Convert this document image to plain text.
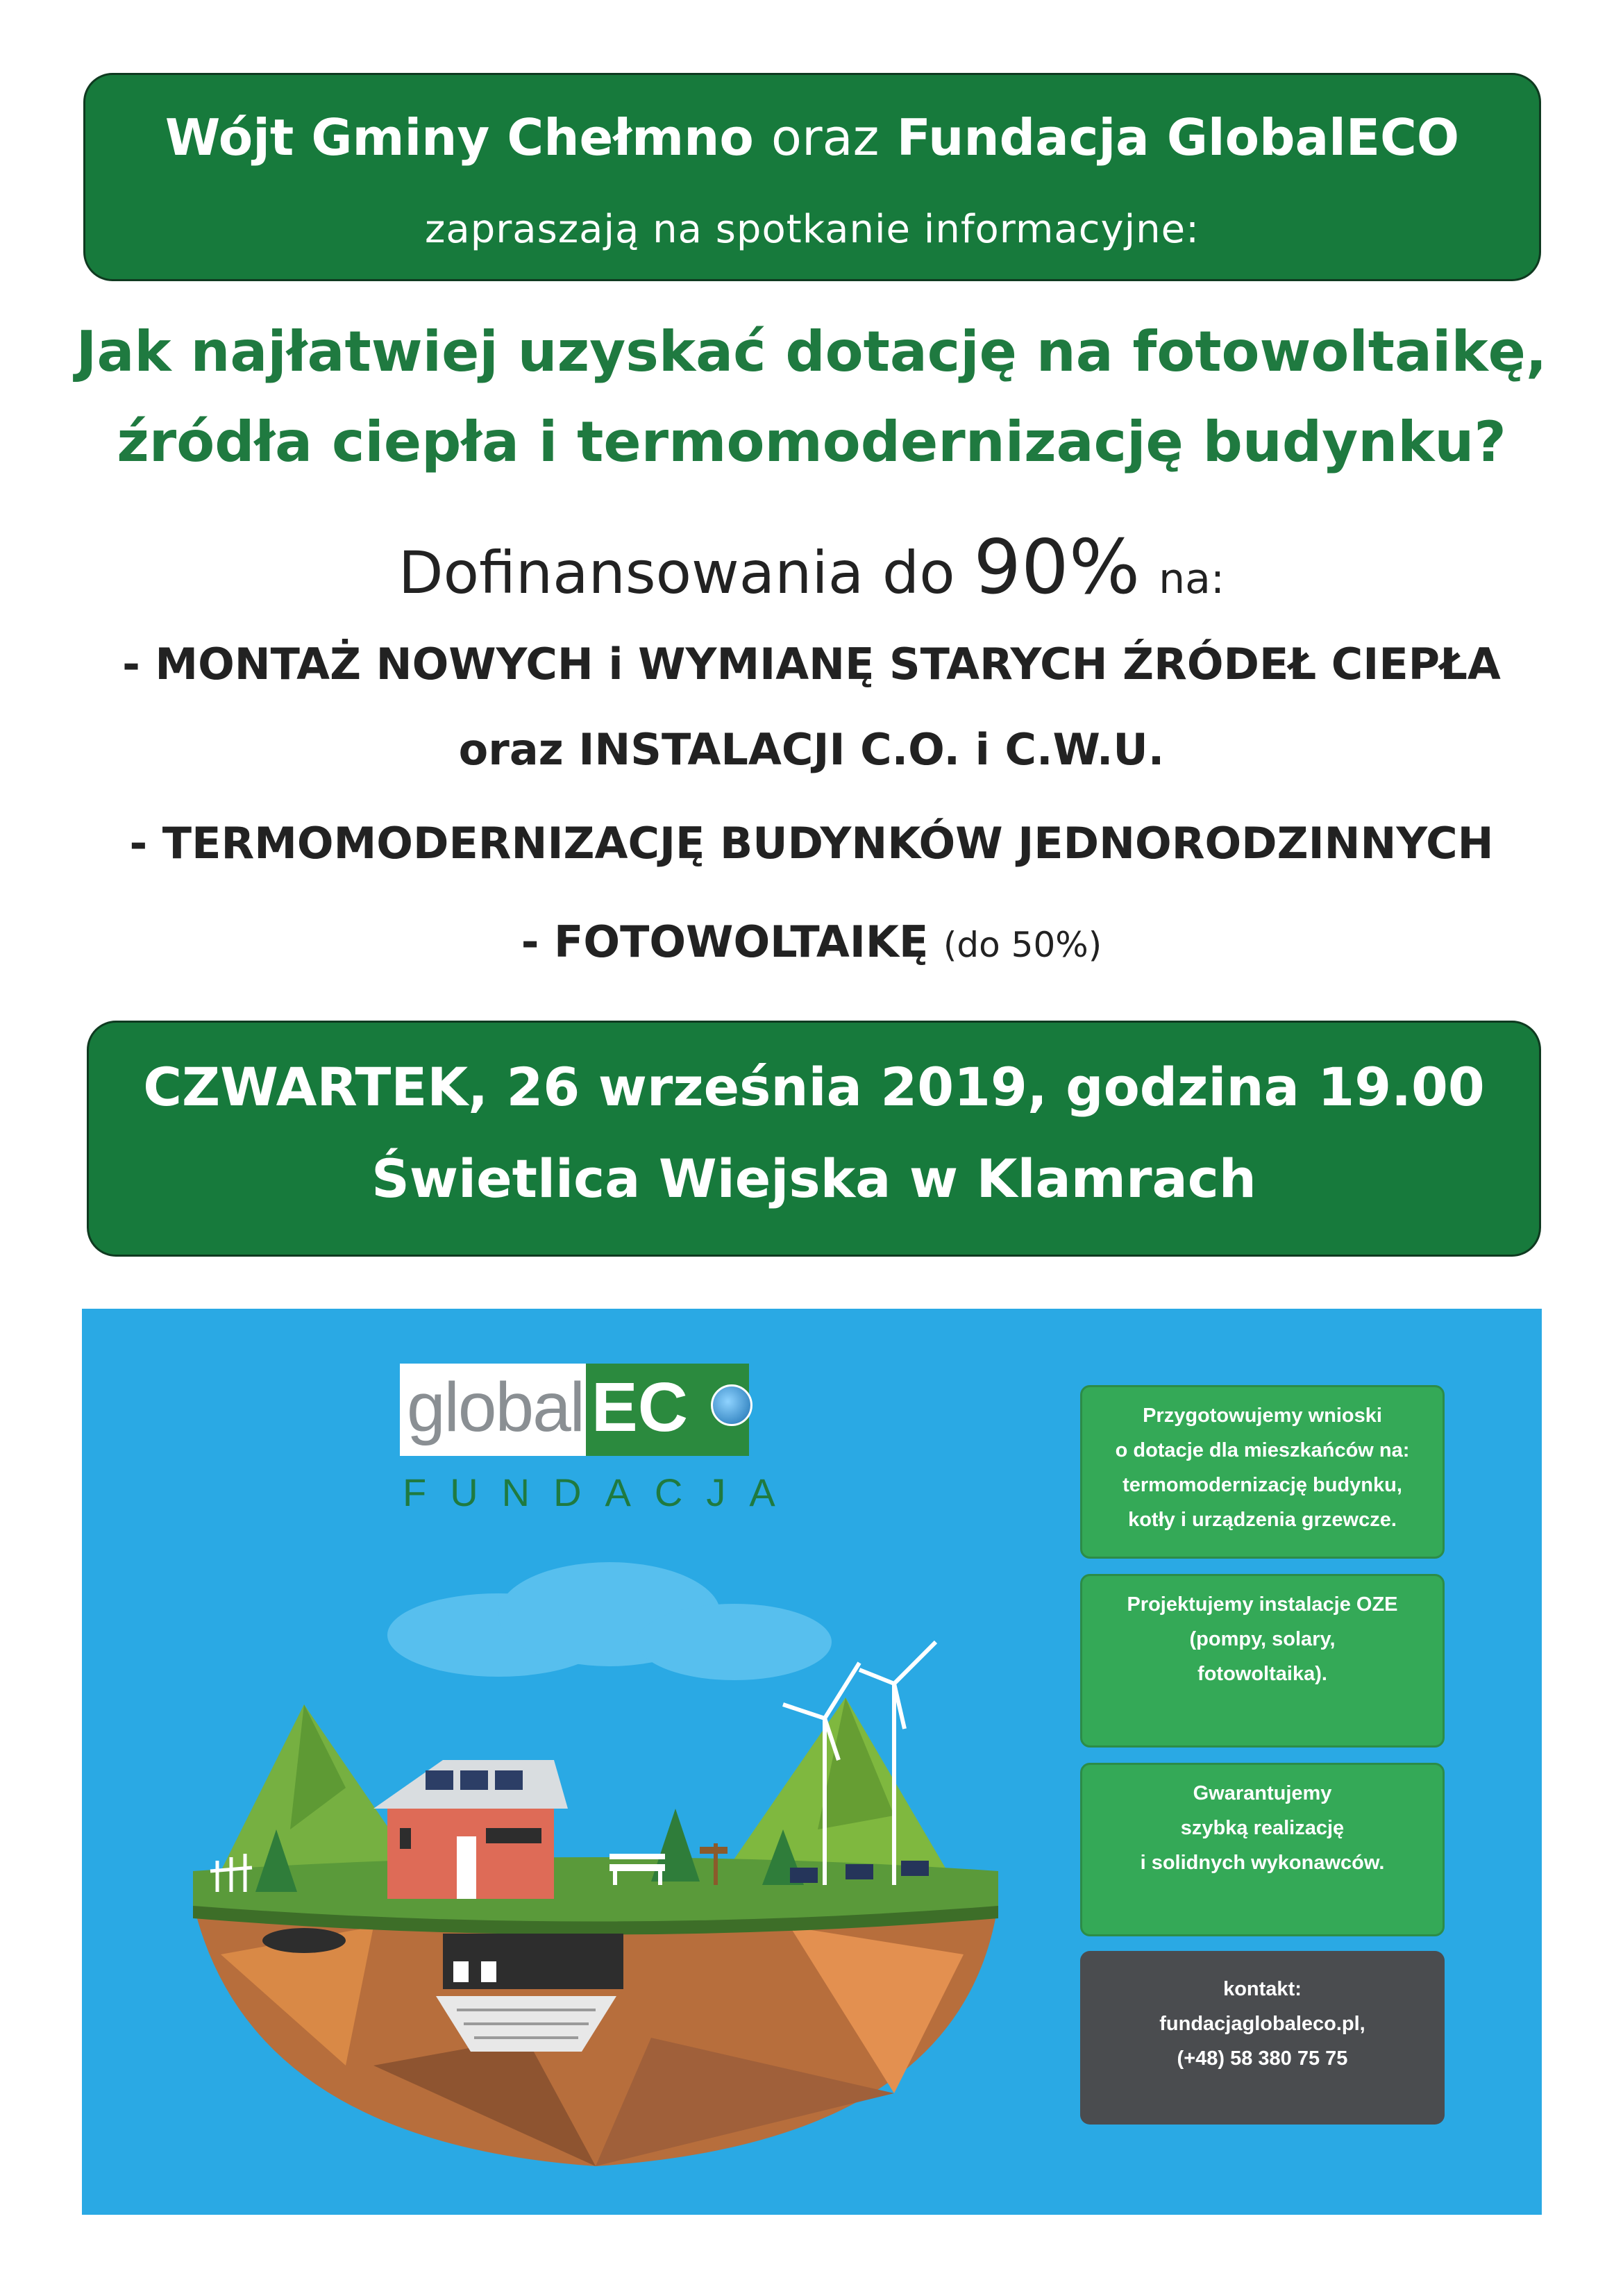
Wójt Gminy Chełmno oraz Fundacja GlobalECO
zapraszają na spotkanie informacyjne:
Jak najłatwiej uzyskać dotację na fotowoltaikę,
źródła ciepła i termomodernizację budynku?
Dofinansowania do 90% na:
- MONTAŻ NOWYCH i WYMIANĘ STARYCH ŹRÓDEŁ CIEPŁA
oraz INSTALACJI C.O. i C.W.U.
- TERMOMODERNIZACJĘ BUDYNKÓW JEDNORODZINNYCH
- FOTOWOLTAIKĘ (do 50%)
CZWARTEK, 26 września 2019, godzina 19.00
Świetlica Wiejska w Klamrach
global EC
FUNDACJA
Przygotowujemy wnioski
o dotacje dla mieszkańców na:
termomodernizację budynku,
kotły i urządzenia grzewcze.
Projektujemy instalacje OZE
(pompy, solary,
fotowoltaika).
Gwarantujemy
szybką realizację
i solidnych wykonawców.
kontakt:
fundacjaglobaleco.pl,
(+48) 58 380 75 75
